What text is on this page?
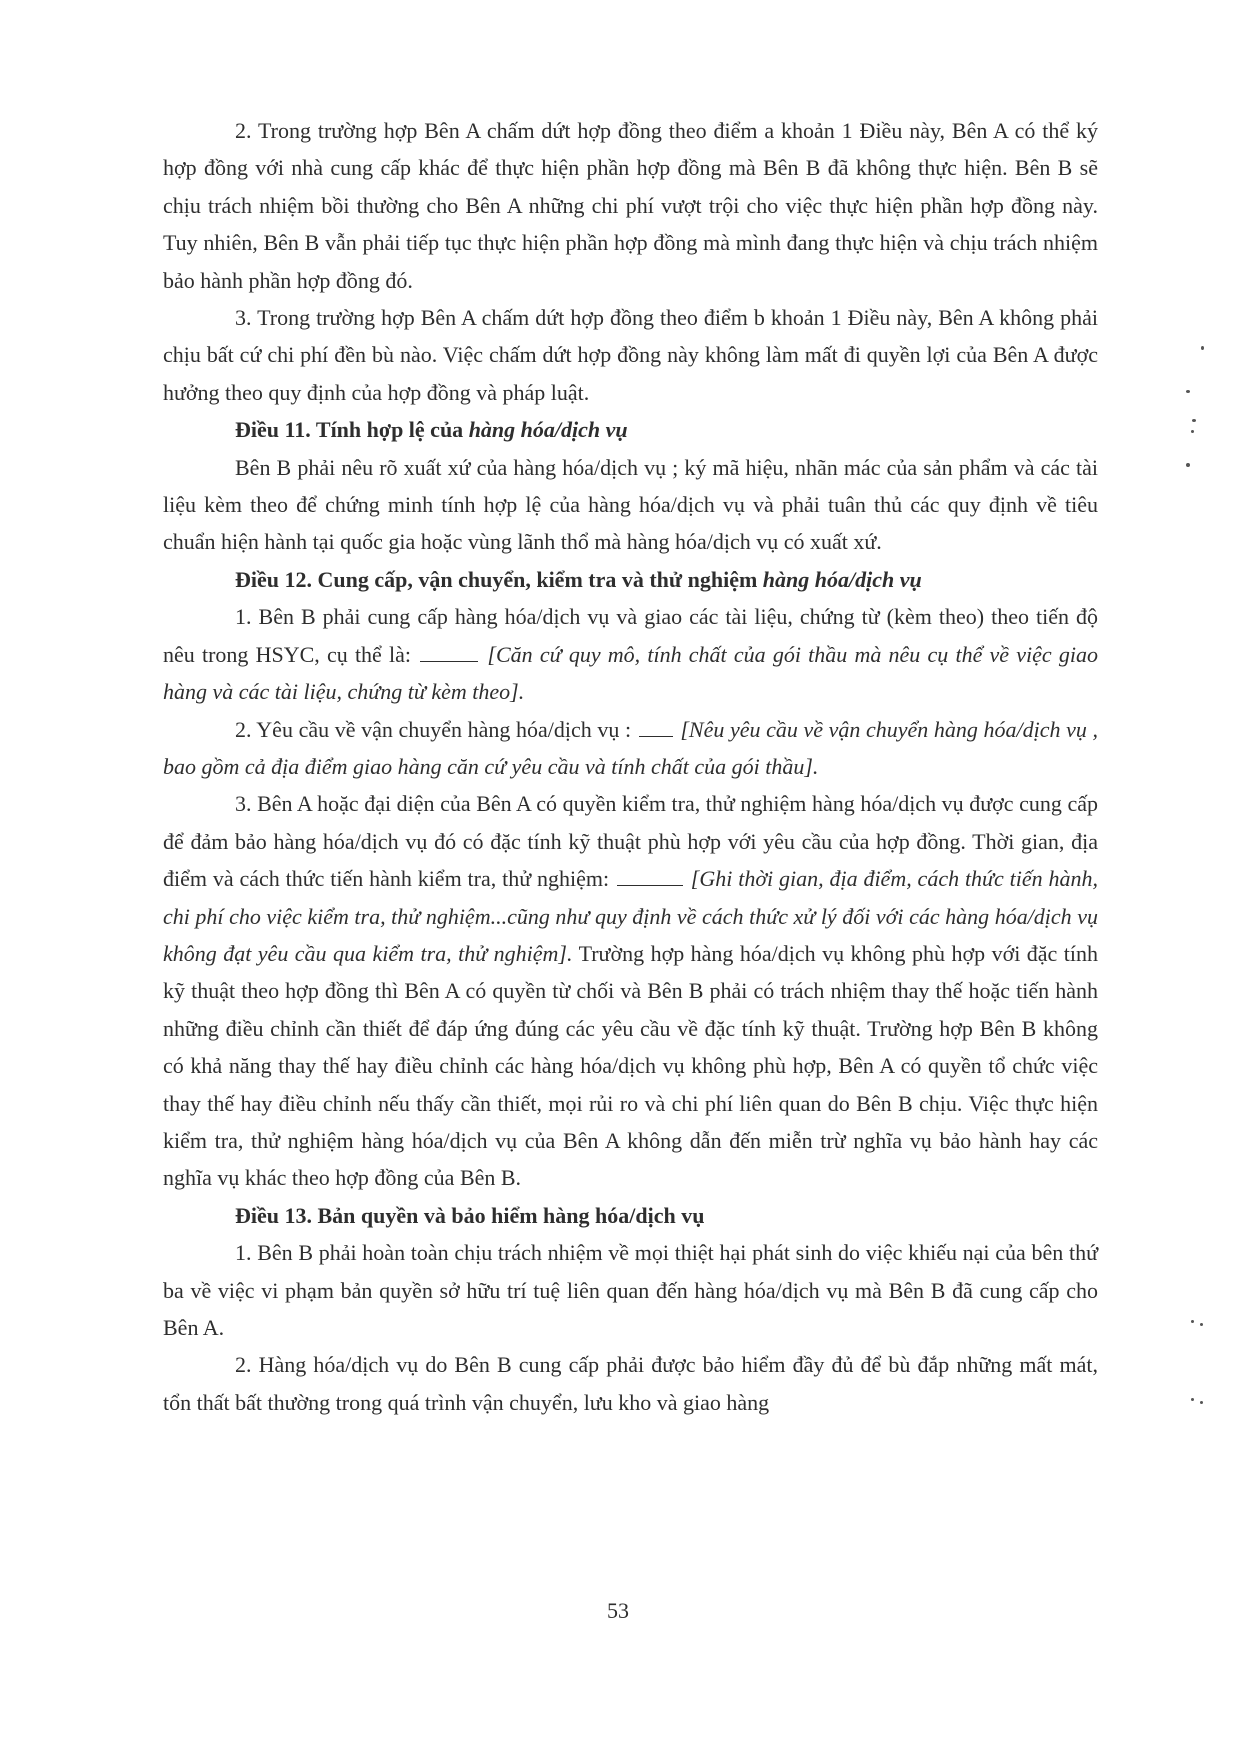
2. Trong trường hợp Bên A chấm dứt hợp đồng theo điểm a khoản 1 Điều này, Bên A có thể ký hợp đồng với nhà cung cấp khác để thực hiện phần hợp đồng mà Bên B đã không thực hiện. Bên B sẽ chịu trách nhiệm bồi thường cho Bên A những chi phí vượt trội cho việc thực hiện phần hợp đồng này. Tuy nhiên, Bên B vẫn phải tiếp tục thực hiện phần hợp đồng mà mình đang thực hiện và chịu trách nhiệm bảo hành phần hợp đồng đó.

3. Trong trường hợp Bên A chấm dứt hợp đồng theo điểm b khoản 1 Điều này, Bên A không phải chịu bất cứ chi phí đền bù nào. Việc chấm dứt hợp đồng này không làm mất đi quyền lợi của Bên A được hưởng theo quy định của hợp đồng và pháp luật.

Điều 11. Tính hợp lệ của hàng hóa/dịch vụ

Bên B phải nêu rõ xuất xứ của hàng hóa/dịch vụ ; ký mã hiệu, nhãn mác của sản phẩm và các tài liệu kèm theo để chứng minh tính hợp lệ của hàng hóa/dịch vụ và phải tuân thủ các quy định về tiêu chuẩn hiện hành tại quốc gia hoặc vùng lãnh thổ mà hàng hóa/dịch vụ có xuất xứ.

Điều 12. Cung cấp, vận chuyển, kiểm tra và thử nghiệm hàng hóa/dịch vụ

1. Bên B phải cung cấp hàng hóa/dịch vụ và giao các tài liệu, chứng từ (kèm theo) theo tiến độ nêu trong HSYC, cụ thể là:	[Căn cứ quy mô, tính chất của gói thầu mà nêu cụ thể về việc giao hàng và các tài liệu, chứng từ kèm theo].

2. Yêu cầu về vận chuyển hàng hóa/dịch vụ : [Nêu yêu cầu về vận chuyển hàng hóa/dịch vụ , bao gồm cả địa điểm giao hàng căn cứ yêu cầu và tính chất của gói thầu].

3. Bên A hoặc đại diện của Bên A có quyền kiểm tra, thử nghiệm hàng hóa/dịch vụ được cung cấp để đảm bảo hàng hóa/dịch vụ đó có đặc tính kỹ thuật phù hợp với yêu cầu của hợp đồng. Thời gian, địa điểm và cách thức tiến hành kiểm tra, thử nghiệm:	[Ghi thời gian, địa điểm, cách thức tiến hành, chi phí cho việc kiểm tra, thử nghiệm...cũng như quy định về cách thức xử lý đối với các hàng hóa/dịch vụ không đạt yêu cầu qua kiểm tra, thử nghiệm]. Trường hợp hàng hóa/dịch vụ không phù hợp với đặc tính kỹ thuật theo hợp đồng thì Bên A có quyền từ chối và Bên B phải có trách nhiệm thay thế hoặc tiến hành những điều chỉnh cần thiết để đáp ứng đúng các yêu cầu về đặc tính kỹ thuật. Trường hợp Bên B không có khả năng thay thế hay điều chỉnh các hàng hóa/dịch vụ không phù hợp, Bên A có quyền tổ chức việc thay thế hay điều chỉnh nếu thấy cần thiết, mọi rủi ro và chi phí liên quan do Bên B chịu. Việc thực hiện kiểm tra, thử nghiệm hàng hóa/dịch vụ của Bên A không dẫn đến miễn trừ nghĩa vụ bảo hành hay các nghĩa vụ khác theo hợp đồng của Bên B.

Điều 13. Bản quyền và bảo hiểm hàng hóa/dịch vụ

1. Bên B phải hoàn toàn chịu trách nhiệm về mọi thiệt hại phát sinh do việc khiếu nại của bên thứ ba về việc vi phạm bản quyền sở hữu trí tuệ liên quan đến hàng hóa/dịch vụ mà Bên B đã cung cấp cho Bên A.

2. Hàng hóa/dịch vụ do Bên B cung cấp phải được bảo hiểm đầy đủ để bù đắp những mất mát, tổn thất bất thường trong quá trình vận chuyển, lưu kho và giao hàng

53
